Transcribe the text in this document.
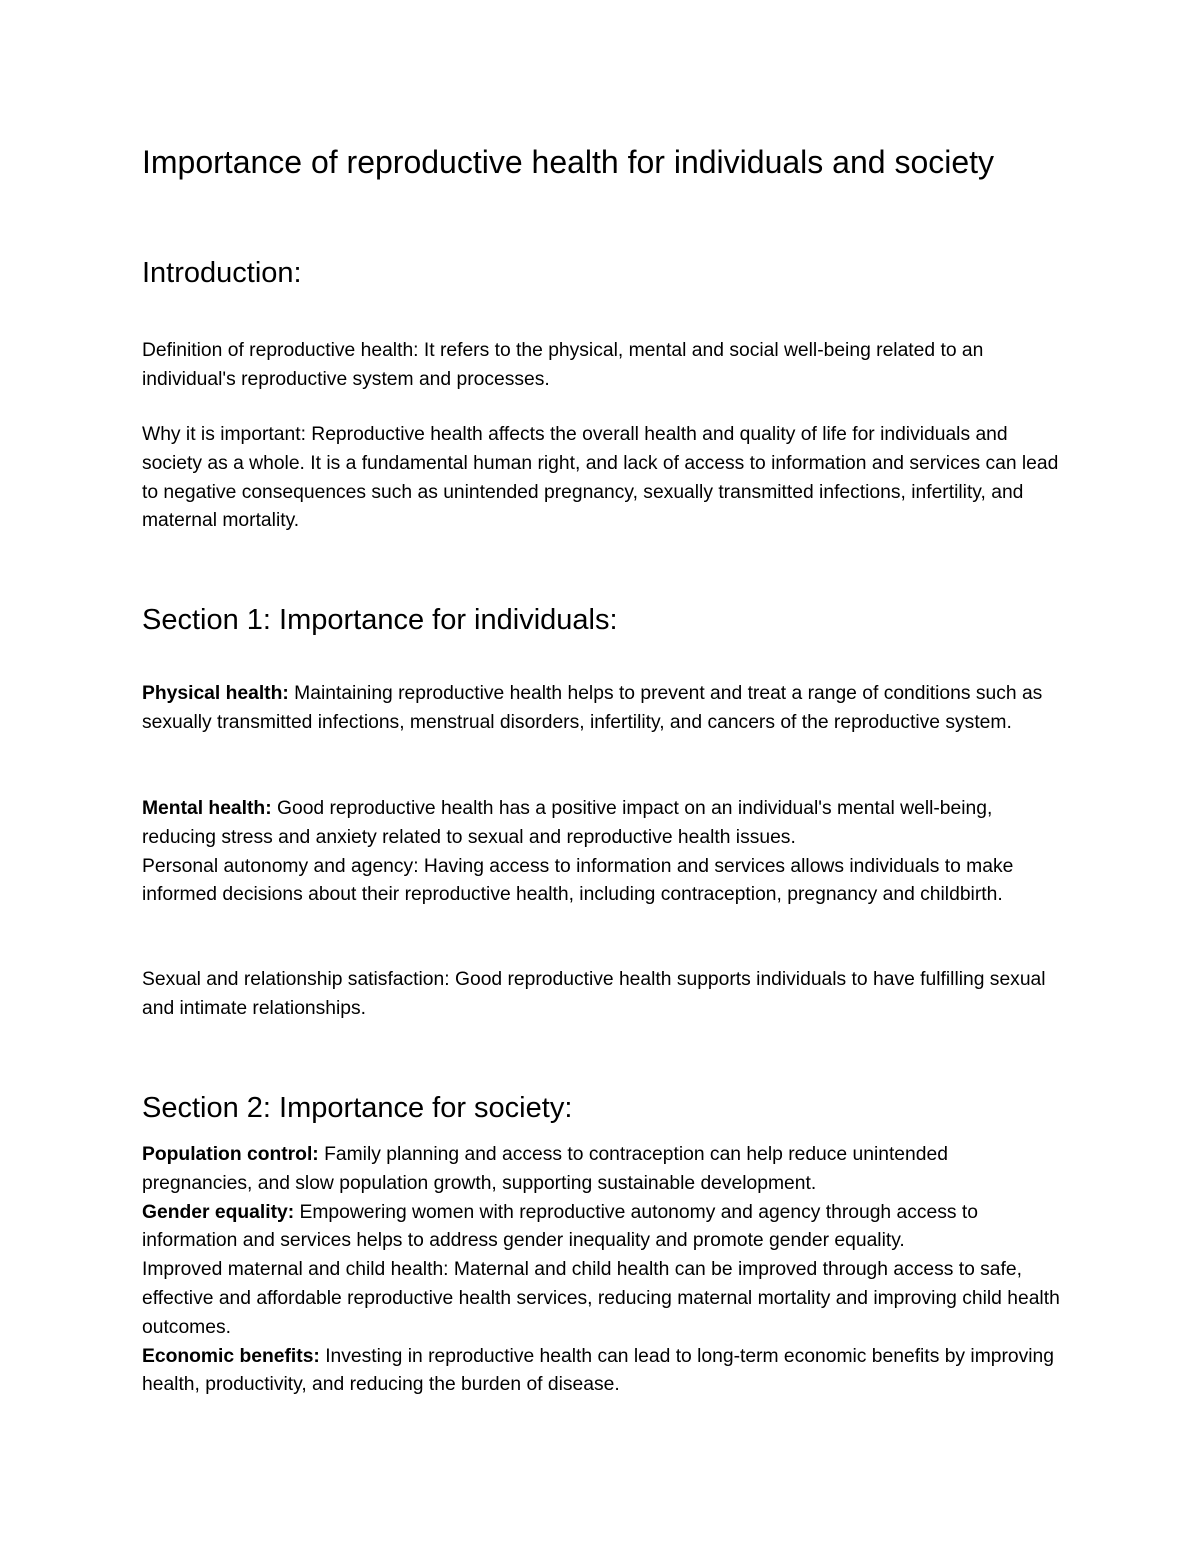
Importance of reproductive health for individuals and society
Introduction:

Definition of reproductive health: It refers to the physical, mental and social well-being related to an individual's reproductive system and processes.

Why it is important: Reproductive health affects the overall health and quality of life for individuals and society as a whole. It is a fundamental human right, and lack of access to information and services can lead to negative consequences such as unintended pregnancy, sexually transmitted infections, infertility, and maternal mortality.

Section 1: Importance for individuals:

Physical health: Maintaining reproductive health helps to prevent and treat a range of conditions such as sexually transmitted infections, menstrual disorders, infertility, and cancers of the reproductive system.

Mental health: Good reproductive health has a positive impact on an individual's mental well-being, reducing stress and anxiety related to sexual and reproductive health issues.
Personal autonomy and agency: Having access to information and services allows individuals to make informed decisions about their reproductive health, including contraception, pregnancy and childbirth.

Sexual and relationship satisfaction: Good reproductive health supports individuals to have fulfilling sexual and intimate relationships.

Section 2: Importance for society:
Population control: Family planning and access to contraception can help reduce unintended pregnancies, and slow population growth, supporting sustainable development.
Gender equality: Empowering women with reproductive autonomy and agency through access to information and services helps to address gender inequality and promote gender equality.
Improved maternal and child health: Maternal and child health can be improved through access to safe, effective and affordable reproductive health services, reducing maternal mortality and improving child health outcomes.
Economic benefits: Investing in reproductive health can lead to long-term economic benefits by improving health, productivity, and reducing the burden of disease.
